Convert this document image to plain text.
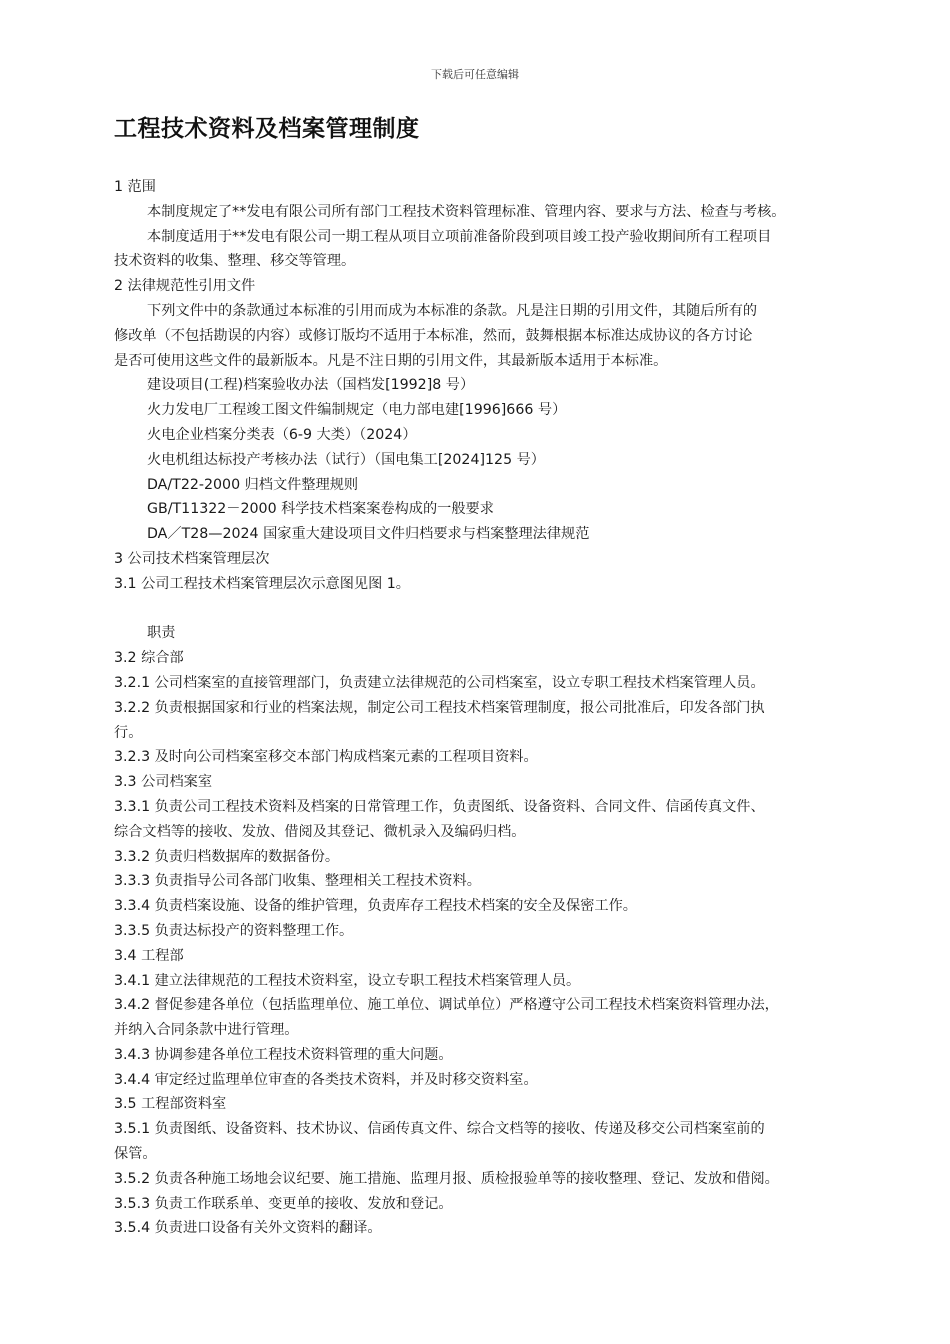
下载后可任意编辑
工程技术资料及档案管理制度

1 范围

本制度规定了**发电有限公司所有部门工程技术资料管理标准、管理内容、要求与方法、检查与考核。

本制度适用于**发电有限公司一期工程从项目立项前准备阶段到项目竣工投产验收期间所有工程项目

技术资料的收集、整理、移交等管理。

2 法律规范性引用文件

下列文件中的条款通过本标准的引用而成为本标准的条款。凡是注日期的引用文件，其随后所有的

修改单（不包括勘误的内容）或修订版均不适用于本标准，然而，鼓舞根据本标准达成协议的各方讨论

是否可使用这些文件的最新版本。凡是不注日期的引用文件，其最新版本适用于本标准。

建设项目(工程)档案验收办法（国档发[1992]8 号）

火力发电厂工程竣工图文件编制规定（电力部电建[1996]666 号）

火电企业档案分类表（6-9 大类）（2024）

火电机组达标投产考核办法（试行）（国电集工[2024]125 号）

DA/T22-2000 归档文件整理规则

GB/T11322－2000 科学技术档案案卷构成的一般要求

DA／T28—2024 国家重大建设项目文件归档要求与档案整理法律规范

3 公司技术档案管理层次

3.1 公司工程技术档案管理层次示意图见图 1。

职责

3.2 综合部

3.2.1 公司档案室的直接管理部门，负责建立法律规范的公司档案室，设立专职工程技术档案管理人员。

3.2.2 负责根据国家和行业的档案法规，制定公司工程技术档案管理制度，报公司批准后，印发各部门执

行。

3.2.3 及时向公司档案室移交本部门构成档案元素的工程项目资料。

3.3 公司档案室

3.3.1 负责公司工程技术资料及档案的日常管理工作，负责图纸、设备资料、合同文件、信函传真文件、

综合文档等的接收、发放、借阅及其登记、微机录入及编码归档。

3.3.2 负责归档数据库的数据备份。

3.3.3 负责指导公司各部门收集、整理相关工程技术资料。

3.3.4 负责档案设施、设备的维护管理，负责库存工程技术档案的安全及保密工作。

3.3.5 负责达标投产的资料整理工作。

3.4 工程部

3.4.1 建立法律规范的工程技术资料室，设立专职工程技术档案管理人员。

3.4.2 督促参建各单位（包括监理单位、施工单位、调试单位）严格遵守公司工程技术档案资料管理办法，

并纳入合同条款中进行管理。

3.4.3 协调参建各单位工程技术资料管理的重大问题。

3.4.4 审定经过监理单位审查的各类技术资料，并及时移交资料室。

3.5 工程部资料室

3.5.1 负责图纸、设备资料、技术协议、信函传真文件、综合文档等的接收、传递及移交公司档案室前的

保管。

3.5.2 负责各种施工场地会议纪要、施工措施、监理月报、质检报验单等的接收整理、登记、发放和借阅。

3.5.3 负责工作联系单、变更单的接收、发放和登记。

3.5.4 负责进口设备有关外文资料的翻译。
